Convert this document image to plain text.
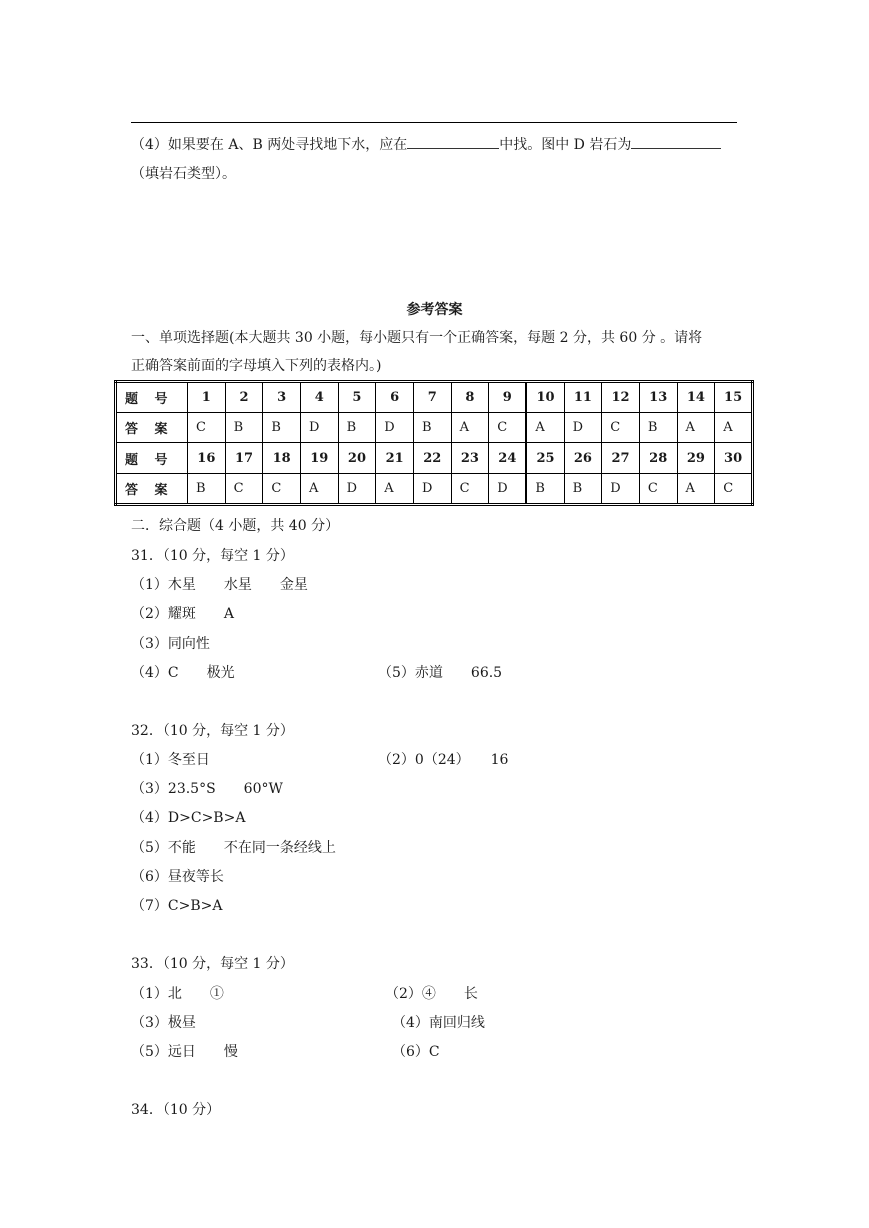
（4）如果要在 A、B 两处寻找地下水，应在	中找。图中 D 岩石为
（填岩石类型）。
参考答案
一、单项选择题(本大题共 30 小题，每小题只有一个正确答案，每题 2 分，共 60 分 。请将
正确答案前面的字母填入下列的表格内。)
题 号	1	2	3	4	5	6	7	8	9	10	11	12	13	14	15
答 案	C	B	B	D	B	D	B	A	C	A	D	C	B	A	A
题 号	16	17	18	19	20	21	22	23	24	25	26	27	28	29	30
答 案	B	C	C	A	D	A	D	C	D	B	B	D	C	A	C
二．综合题（4 小题，共 40 分）
31．（10 分，每空 1 分）
（1）木星　　水星　　金星
（2）耀斑　　A
（3）同向性
（4）C　　极光	（5）赤道　　66.5
32．（10 分，每空 1 分）
（1）冬至日	（2）0（24）　　16
（3）23.5°S　　60°W
（4）D>C>B>A
（5）不能　　不在同一条经线上
（6）昼夜等长
（7）C>B>A
33．（10 分，每空 1 分）
（1）北　　①	（2）④　　长
（3）极昼	（4）南回归线
（5）远日　　慢	（6）C
34．（10 分）
